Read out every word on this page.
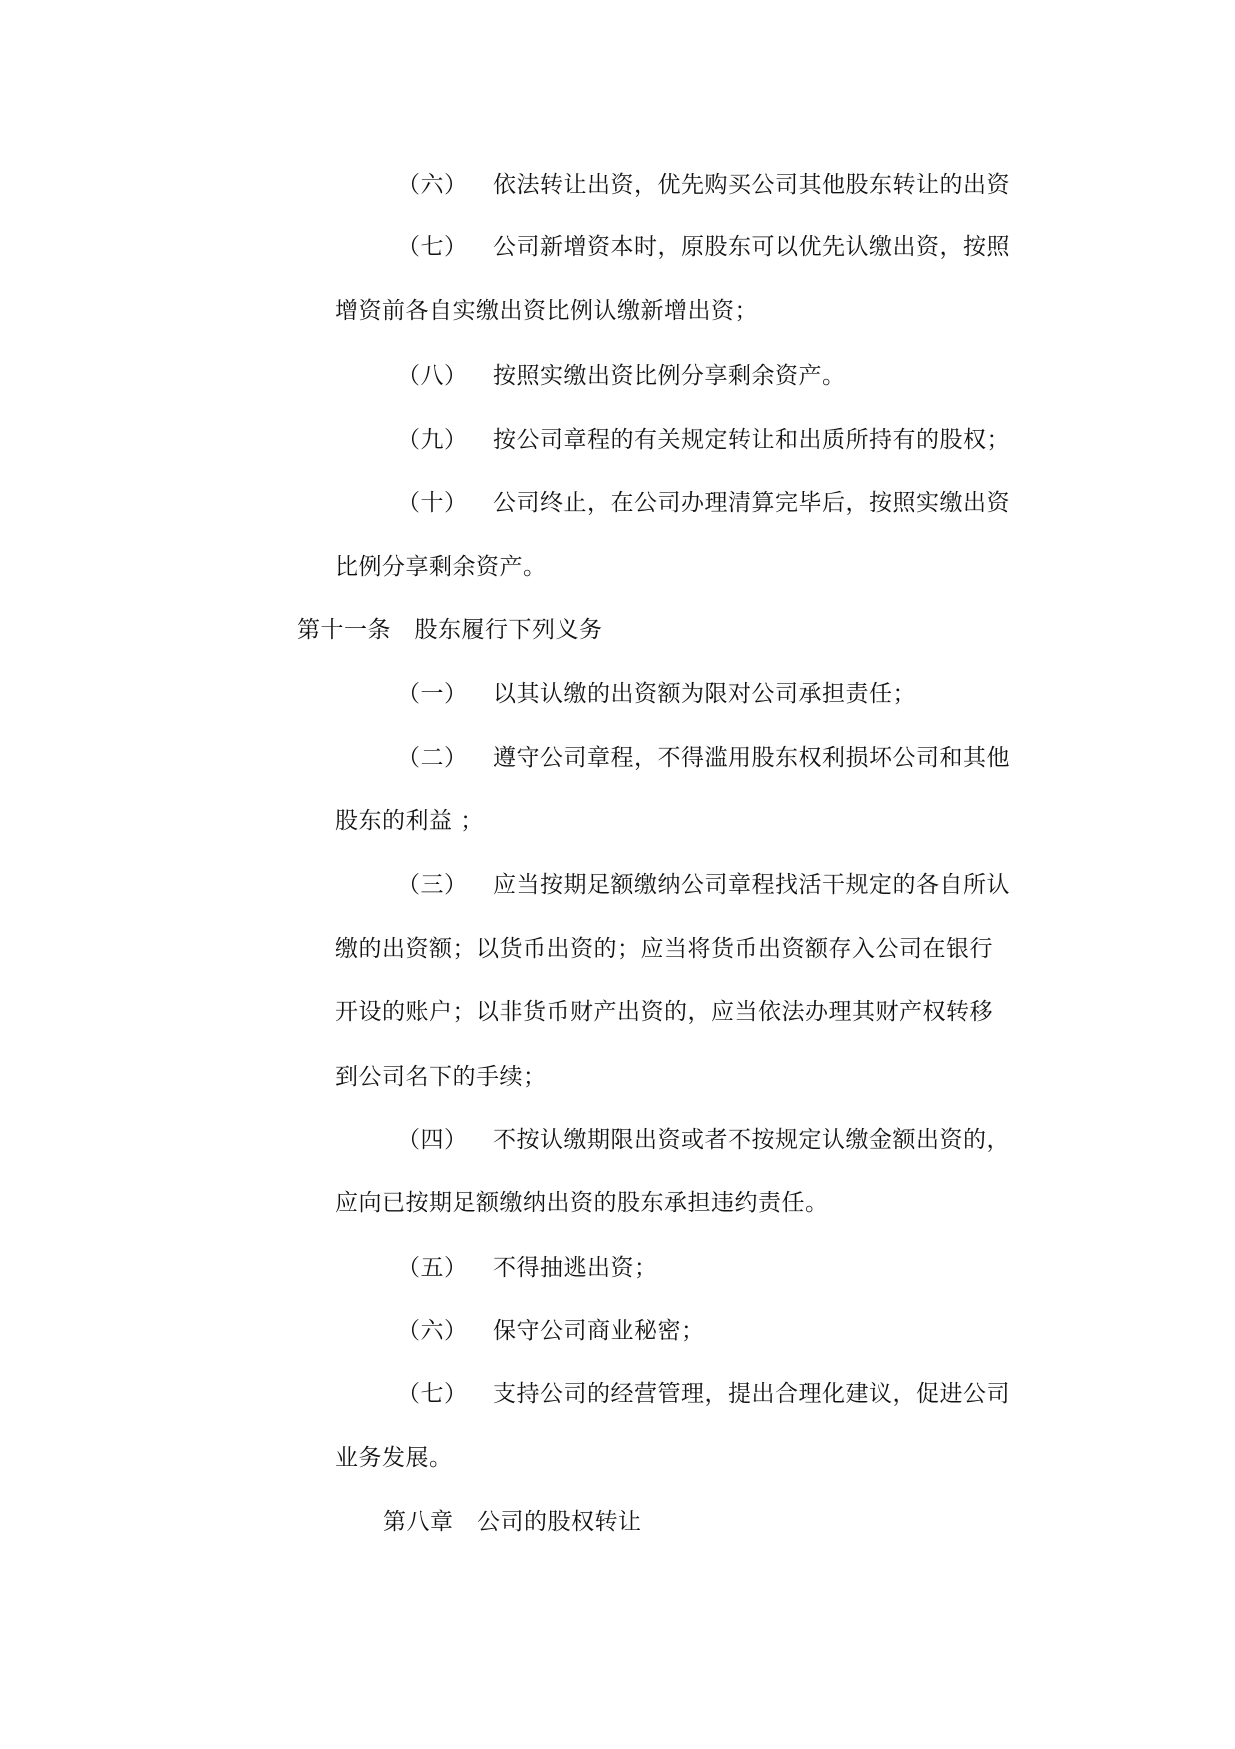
（六） 依法转让出资，优先购买公司其他股东转让的出资
（七） 公司新增资本时，原股东可以优先认缴出资，按照
增资前各自实缴出资比例认缴新增出资；
（八） 按照实缴出资比例分享剩余资产。
（九） 按公司章程的有关规定转让和出质所持有的股权；
（十） 公司终止，在公司办理清算完毕后，按照实缴出资
比例分享剩余资产。
第十一条　股东履行下列义务
（一） 以其认缴的出资额为限对公司承担责任；
（二） 遵守公司章程，不得滥用股东权利损坏公司和其他
股东的利益 ；
（三） 应当按期足额缴纳公司章程找活干规定的各自所认
缴的出资额；以货币出资的；应当将货币出资额存入公司在银行
开设的账户；以非货币财产出资的，应当依法办理其财产权转移
到公司名下的手续；
（四） 不按认缴期限出资或者不按规定认缴金额出资的，
应向已按期足额缴纳出资的股东承担违约责任。
（五） 不得抽逃出资；
（六） 保守公司商业秘密；
（七） 支持公司的经营管理，提出合理化建议，促进公司
业务发展。
第八章　公司的股权转让
